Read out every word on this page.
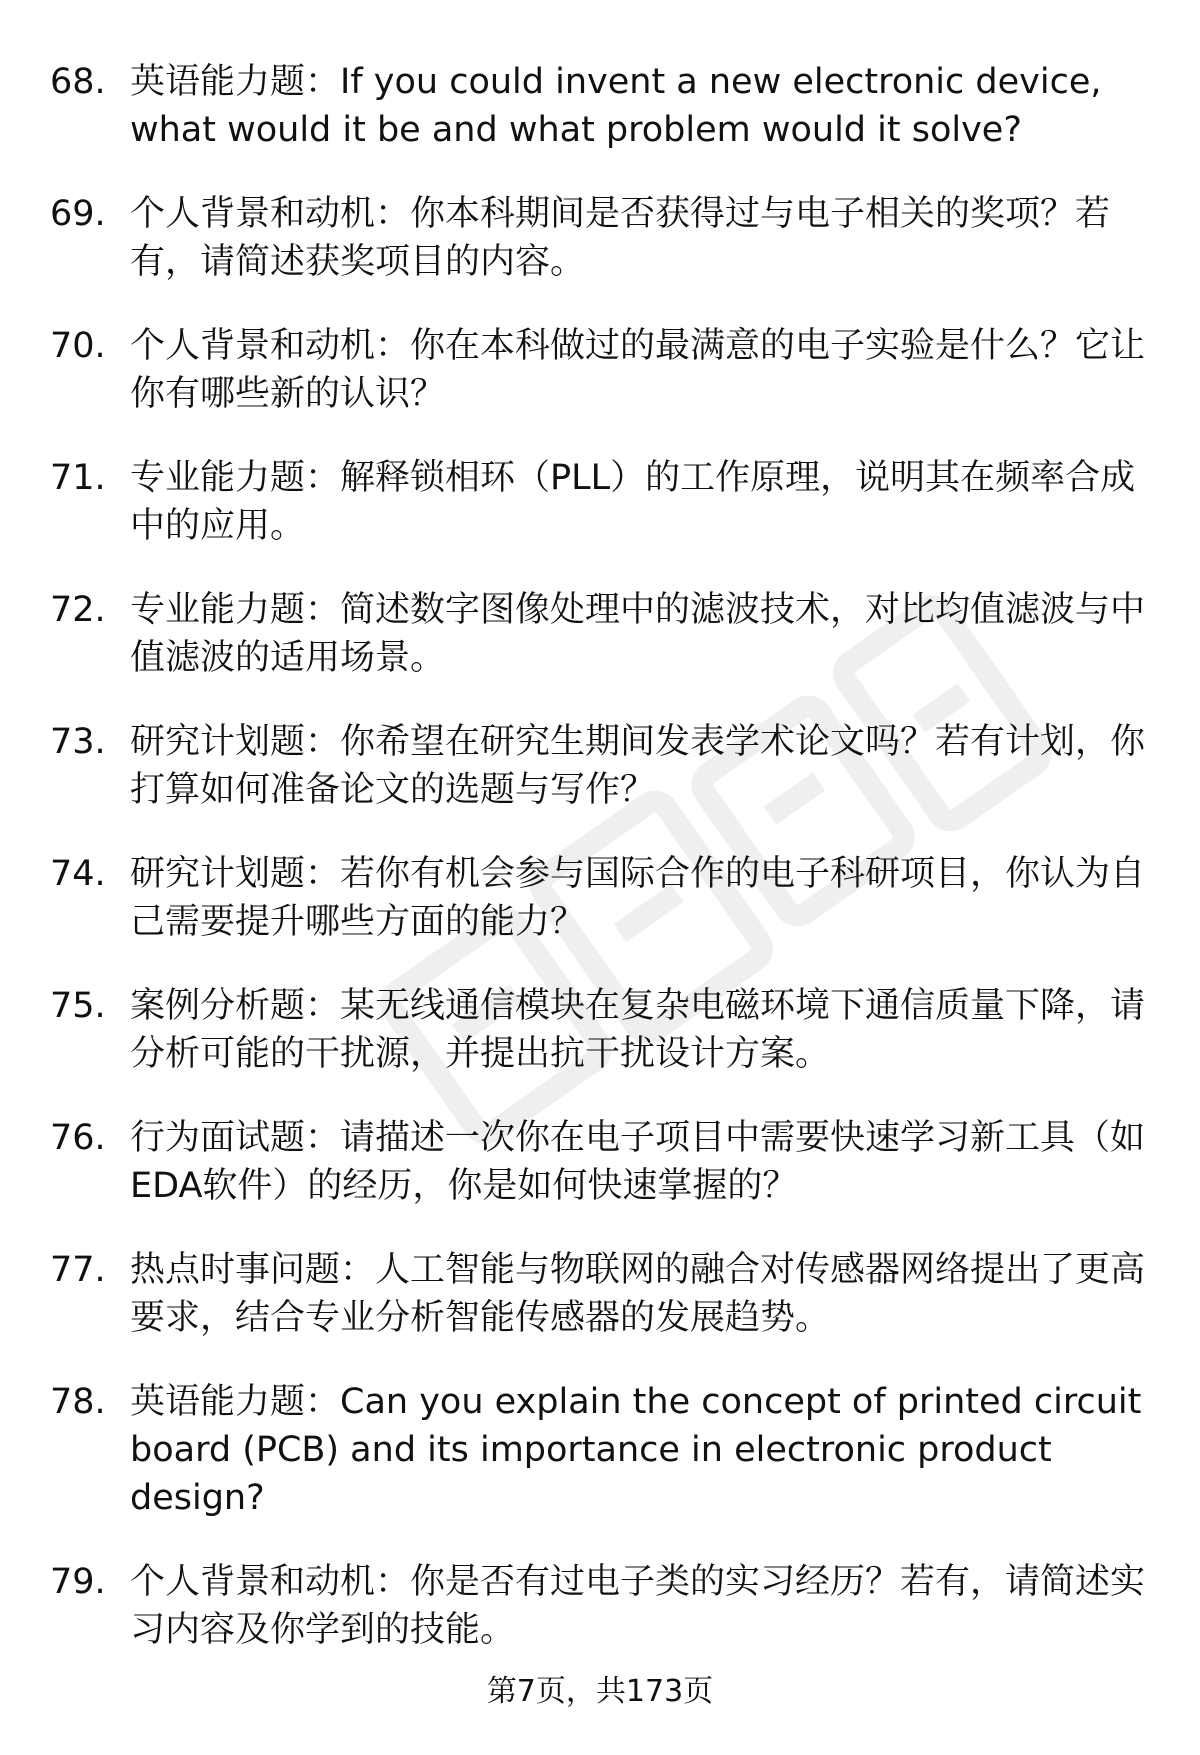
68. 英语能力题：If you could invent a new electronic device, what would it be and what problem would it solve?
69. 个人背景和动机：你本科期间是否获得过与电子相关的奖项？若有，请简述获奖项目的内容。
70. 个人背景和动机：你在本科做过的最满意的电子实验是什么？它让你有哪些新的认识？
71. 专业能力题：解释锁相环（PLL）的工作原理，说明其在频率合成中的应用。
72. 专业能力题：简述数字图像处理中的滤波技术，对比均值滤波与中值滤波的适用场景。
73. 研究计划题：你希望在研究生期间发表学术论文吗？若有计划，你打算如何准备论文的选题与写作？
74. 研究计划题：若你有机会参与国际合作的电子科研项目，你认为自己需要提升哪些方面的能力？
75. 案例分析题：某无线通信模块在复杂电磁环境下通信质量下降，请分析可能的干扰源，并提出抗干扰设计方案。
76. 行为面试题：请描述一次你在电子项目中需要快速学习新工具（如EDA软件）的经历，你是如何快速掌握的？
77. 热点时事问题：人工智能与物联网的融合对传感器网络提出了更高要求，结合专业分析智能传感器的发展趋势。
78. 英语能力题：Can you explain the concept of printed circuit board (PCB) and its importance in electronic product design?
79. 个人背景和动机：你是否有过电子类的实习经历？若有，请简述实习内容及你学到的技能。
第7页，共173页
